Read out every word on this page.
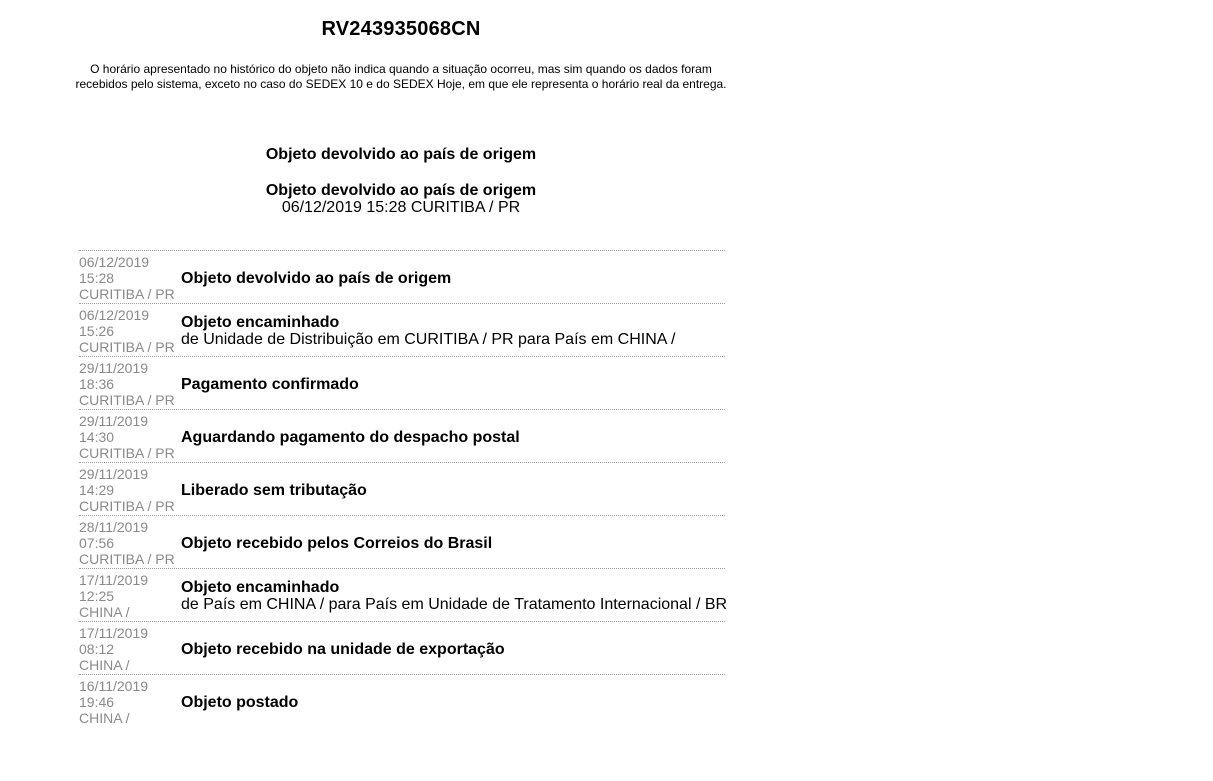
RV243935068CN
O horário apresentado no histórico do objeto não indica quando a situação ocorreu, mas sim quando os dados foram
recebidos pelo sistema, exceto no caso do SEDEX 10 e do SEDEX Hoje, em que ele representa o horário real da entrega.
Objeto devolvido ao país de origem
Objeto devolvido ao país de origem
06/12/2019 15:28 CURITIBA / PR
06/12/2019
15:28
CURITIBA / PR
Objeto devolvido ao país de origem
06/12/2019
15:26
CURITIBA / PR
Objeto encaminhado
de Unidade de Distribuição em CURITIBA / PR para País em CHINA /
29/11/2019
18:36
CURITIBA / PR
Pagamento confirmado
29/11/2019
14:30
CURITIBA / PR
Aguardando pagamento do despacho postal
29/11/2019
14:29
CURITIBA / PR
Liberado sem tributação
28/11/2019
07:56
CURITIBA / PR
Objeto recebido pelos Correios do Brasil
17/11/2019
12:25
CHINA /
Objeto encaminhado
de País em CHINA / para País em Unidade de Tratamento Internacional / BR
17/11/2019
08:12
CHINA /
Objeto recebido na unidade de exportação
16/11/2019
19:46
CHINA /
Objeto postado
